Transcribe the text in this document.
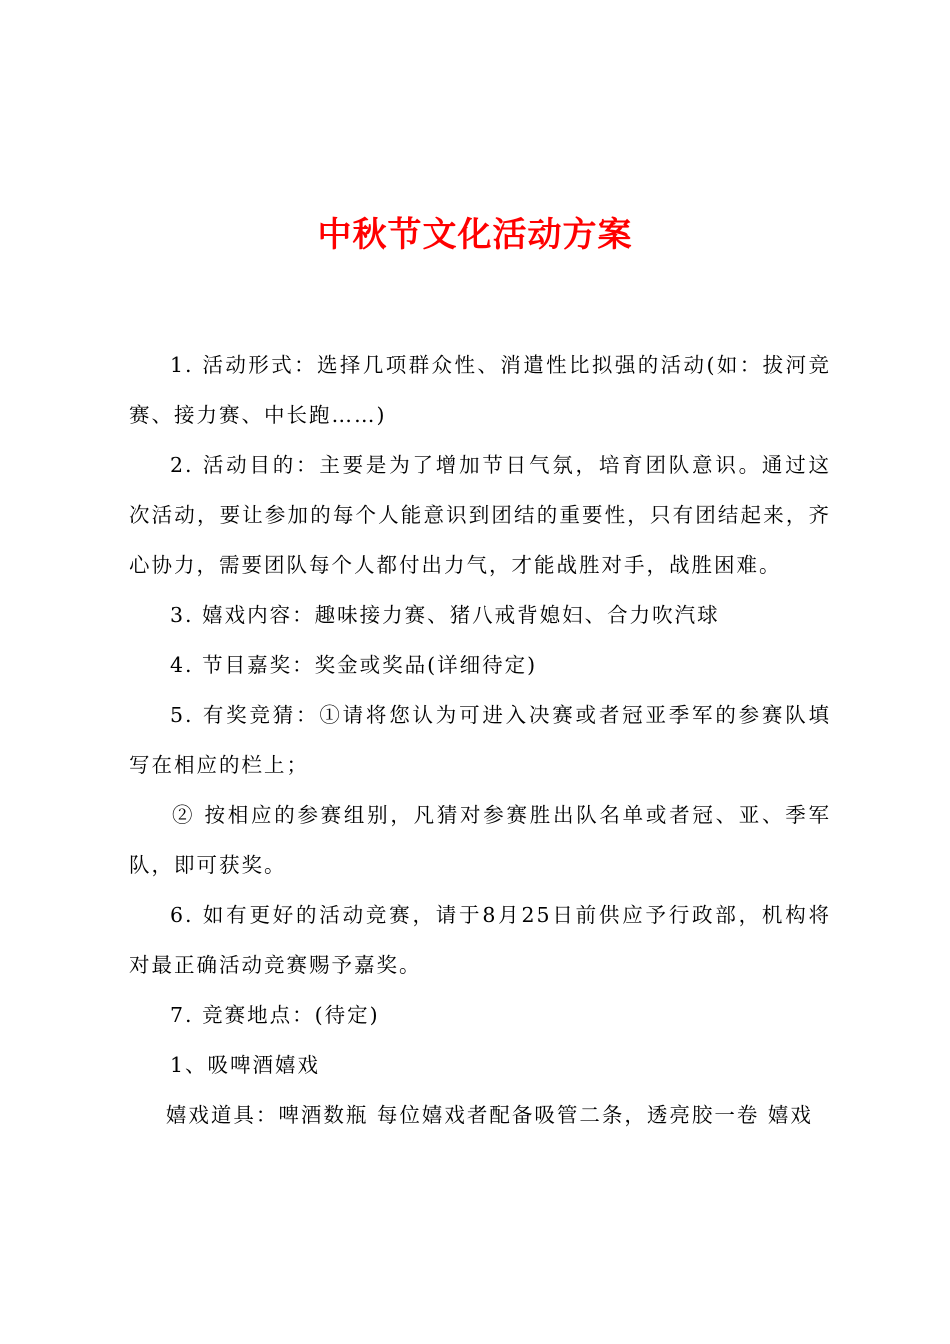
中秋节文化活动方案

1. 活动形式：选择几项群众性、消遣性比拟强的活动(如：拔河竞赛、接力赛、中长跑……)

2. 活动目的：主要是为了增加节日气氛，培育团队意识。通过这次活动，要让参加的每个人能意识到团结的重要性，只有团结起来，齐心协力，需要团队每个人都付出力气，才能战胜对手，战胜困难。

3. 嬉戏内容：趣味接力赛、猪八戒背媳妇、合力吹汽球

4. 节目嘉奖：奖金或奖品(详细待定)

5. 有奖竞猜：①请将您认为可进入决赛或者冠亚季军的参赛队填写在相应的栏上；

② 按相应的参赛组别，凡猜对参赛胜出队名单或者冠、亚、季军队，即可获奖。

6. 如有更好的活动竞赛，请于8月25日前供应予行政部，机构将对最正确活动竞赛赐予嘉奖。

7. 竞赛地点：(待定)

1、吸啤酒嬉戏

嬉戏道具：啤酒数瓶 每位嬉戏者配备吸管二条，透亮胶一卷 嬉戏
